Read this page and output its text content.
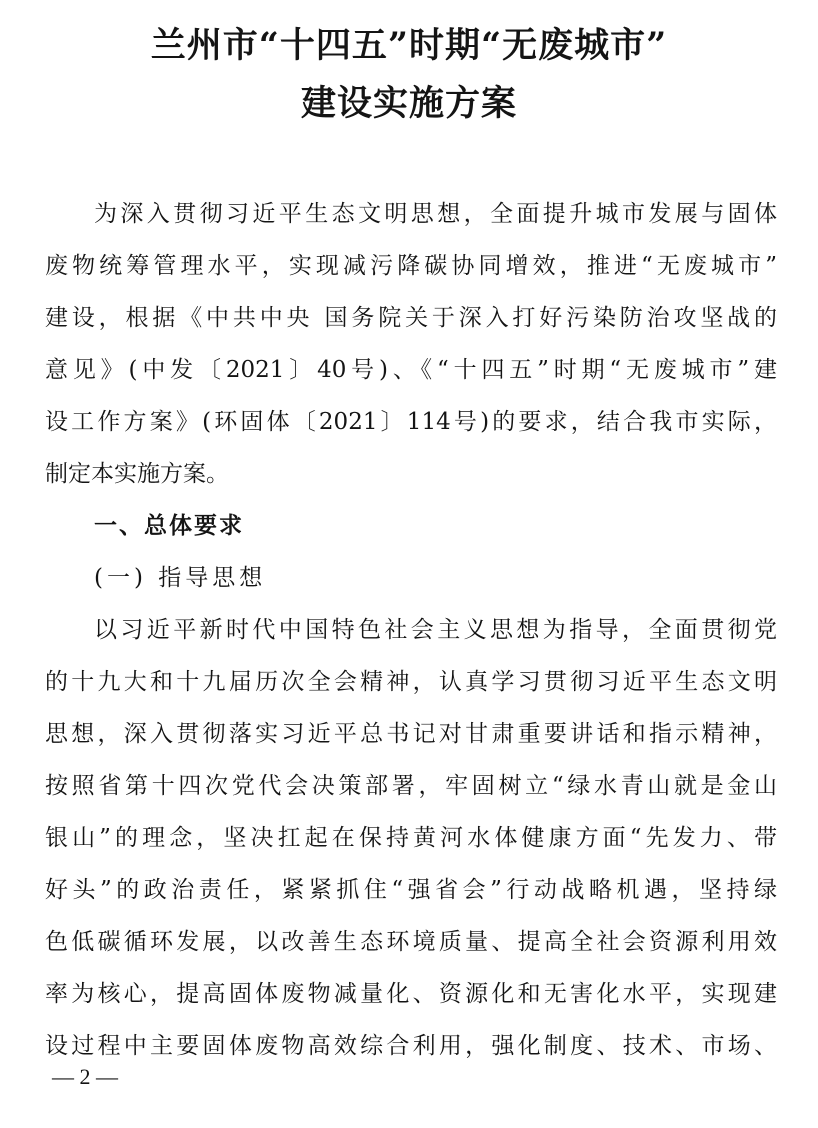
兰州市“十四五”时期“无废城市”
建设实施方案
为深入贯彻习近平生态文明思想，全面提升城市发展与固体
废物统筹管理水平，实现减污降碳协同增效，推进“无废城市”
建设，根据《中共中央 国务院关于深入打好污染防治攻坚战的
意见》(中发〔2021〕40号)、《“十四五”时期“无废城市”建
设工作方案》(环固体〔2021〕114号)的要求，结合我市实际，
制定本实施方案。
一、总体要求
(一) 指导思想
以习近平新时代中国特色社会主义思想为指导，全面贯彻党
的十九大和十九届历次全会精神，认真学习贯彻习近平生态文明
思想，深入贯彻落实习近平总书记对甘肃重要讲话和指示精神，
按照省第十四次党代会决策部署，牢固树立“绿水青山就是金山
银山”的理念，坚决扛起在保持黄河水体健康方面“先发力、带
好头”的政治责任，紧紧抓住“强省会”行动战略机遇，坚持绿
色低碳循环发展，以改善生态环境质量、提高全社会资源利用效
率为核心，提高固体废物减量化、资源化和无害化水平，实现建
设过程中主要固体废物高效综合利用，强化制度、技术、市场、
— 2 —
